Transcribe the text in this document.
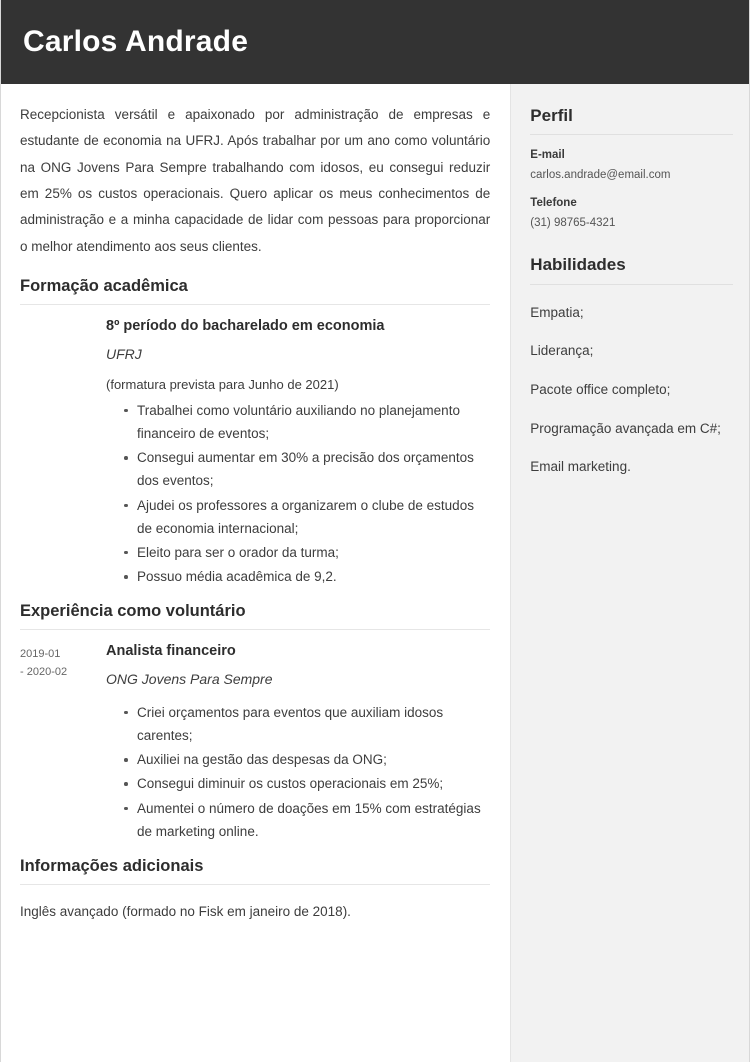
Carlos Andrade

Recepcionista versátil e apaixonado por administração de empresas e estudante de economia na UFRJ. Após trabalhar por um ano como voluntário na ONG Jovens Para Sempre trabalhando com idosos, eu consegui reduzir em 25% os custos operacionais. Quero aplicar os meus conhecimentos de administração e a minha capacidade de lidar com pessoas para proporcionar o melhor atendimento aos seus clientes.

Formação acadêmica
8º período do bacharelado em economia
UFRJ
(formatura prevista para Junho de 2021)
Trabalhei como voluntário auxiliando no planejamento financeiro de eventos;
Consegui aumentar em 30% a precisão dos orçamentos dos eventos;
Ajudei os professores a organizarem o clube de estudos de economia internacional;
Eleito para ser o orador da turma;
Possuo média acadêmica de 9,2.
Experiência como voluntário
2019-01
- 2020-02
Analista financeiro
ONG Jovens Para Sempre
Criei orçamentos para eventos que auxiliam idosos carentes;
Auxiliei na gestão das despesas da ONG;
Consegui diminuir os custos operacionais em 25%;
Aumentei o número de doações em 15% com estratégias de marketing online.
Informações adicionais

Inglês avançado (formado no Fisk em janeiro de 2018).

Perfil
E-mail
carlos.andrade@email.com
Telefone
(31) 98765-4321
Habilidades
Empatia;
Liderança;
Pacote office completo;
Programação avançada em C#;
Email marketing.
